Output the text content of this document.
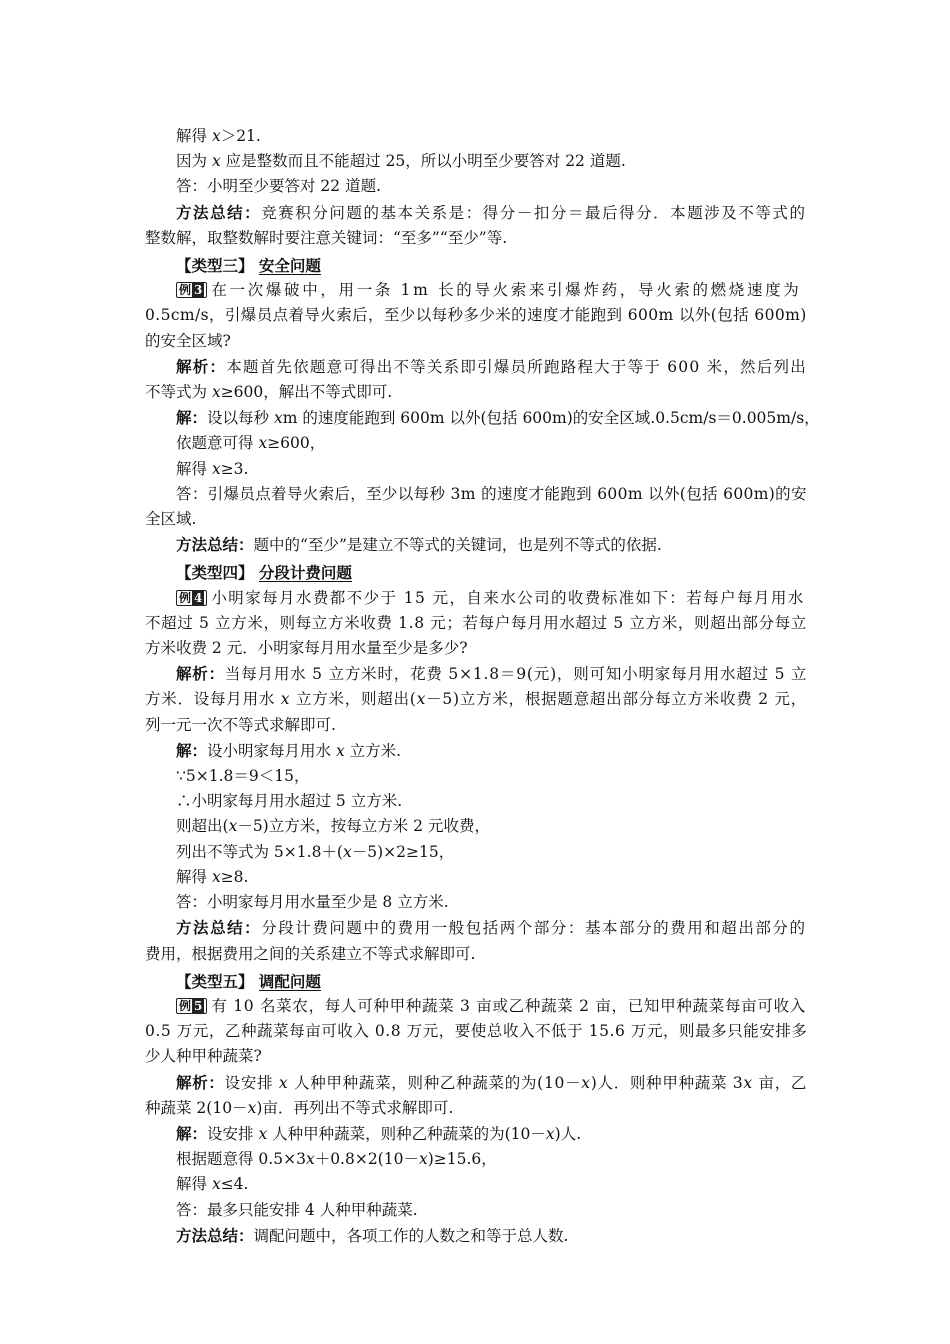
解得 x＞21.
因为 x 应是整数而且不能超过 25，所以小明至少要答对 22 道题.
答：小明至少要答对 22 道题.
方法总结：竞赛积分问题的基本关系是：得分－扣分＝最后得分．本题涉及不等式的
整数解，取整数解时要注意关键词：“至多”“至少”等.
【类型三】 安全问题
例 3 在一次爆破中，用一条 1m 长的导火索来引爆炸药，导火索的燃烧速度为
0.5cm/s，引爆员点着导火索后，至少以每秒多少米的速度才能跑到 600m 以外(包括 600m)
的安全区域?
解析：本题首先依题意可得出不等关系即引爆员所跑路程大于等于 600 米，然后列出
不等式为 x≥600，解出不等式即可.
解：设以每秒 xm 的速度能跑到 600m 以外(包括 600m)的安全区域.0.5cm/s＝0.005m/s，
依题意可得 x≥600，
解得 x≥3.
答：引爆员点着导火索后，至少以每秒 3m 的速度才能跑到 600m 以外(包括 600m)的安
全区域.
方法总结：题中的“至少”是建立不等式的关键词，也是列不等式的依据.
【类型四】 分段计费问题
例 4 小明家每月水费都不少于 15 元，自来水公司的收费标准如下：若每户每月用水
不超过 5 立方米，则每立方米收费 1.8 元；若每户每月用水超过 5 立方米，则超出部分每立
方米收费 2 元．小明家每月用水量至少是多少?
解析：当每月用水 5 立方米时，花费 5×1.8＝9(元)，则可知小明家每月用水超过 5 立
方米．设每月用水 x 立方米，则超出(x－5)立方米，根据题意超出部分每立方米收费 2 元，
列一元一次不等式求解即可.
解：设小明家每月用水 x 立方米.
∵5×1.8＝9＜15，
∴小明家每月用水超过 5 立方米.
则超出(x－5)立方米，按每立方米 2 元收费，
列出不等式为 5×1.8＋(x－5)×2≥15，
解得 x≥8.
答：小明家每月用水量至少是 8 立方米.
方法总结：分段计费问题中的费用一般包括两个部分：基本部分的费用和超出部分的
费用，根据费用之间的关系建立不等式求解即可.
【类型五】 调配问题
例 5 有 10 名菜农，每人可种甲种蔬菜 3 亩或乙种蔬菜 2 亩，已知甲种蔬菜每亩可收入
0.5 万元，乙种蔬菜每亩可收入 0.8 万元，要使总收入不低于 15.6 万元，则最多只能安排多
少人种甲种蔬菜?
解析：设安排 x 人种甲种蔬菜，则种乙种蔬菜的为(10－x)人．则种甲种蔬菜 3x 亩，乙
种蔬菜 2(10－x)亩．再列出不等式求解即可.
解：设安排 x 人种甲种蔬菜，则种乙种蔬菜的为(10－x)人.
根据题意得 0.5×3x＋0.8×2(10－x)≥15.6，
解得 x≤4.
答：最多只能安排 4 人种甲种蔬菜.
方法总结：调配问题中，各项工作的人数之和等于总人数.
